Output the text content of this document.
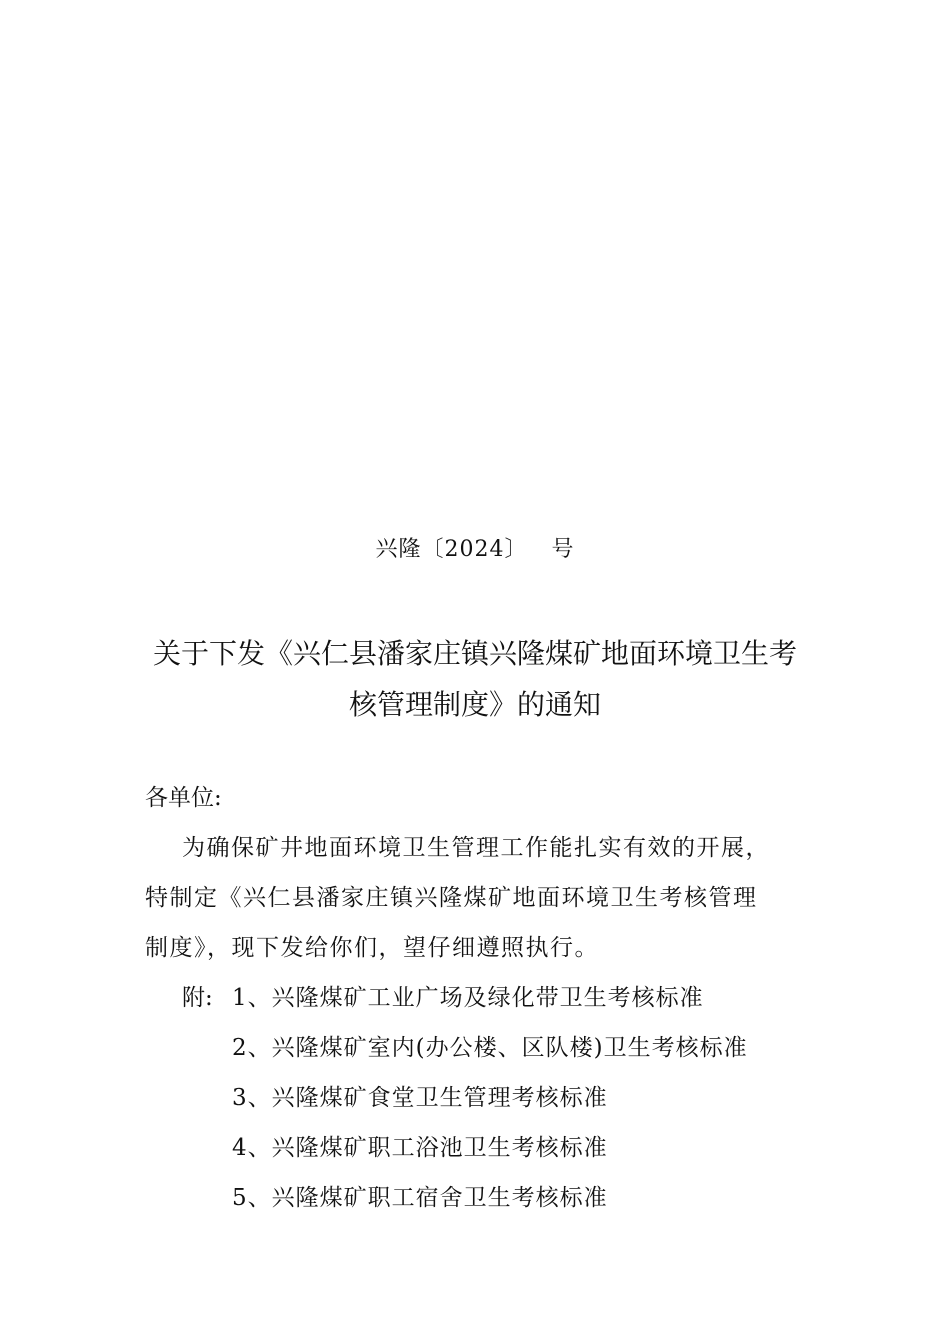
兴隆〔2024〕   号
关于下发《兴仁县潘家庄镇兴隆煤矿地面环境卫生考
核管理制度》的通知
各单位:
为确保矿井地面环境卫生管理工作能扎实有效的开展，
特制定《兴仁县潘家庄镇兴隆煤矿地面环境卫生考核管理
制度》，现下发给你们，望仔细遵照执行。
附: 1、兴隆煤矿工业广场及绿化带卫生考核标准
2、兴隆煤矿室内(办公楼、区队楼)卫生考核标准
3、兴隆煤矿食堂卫生管理考核标准
4、兴隆煤矿职工浴池卫生考核标准
5、兴隆煤矿职工宿舍卫生考核标准
